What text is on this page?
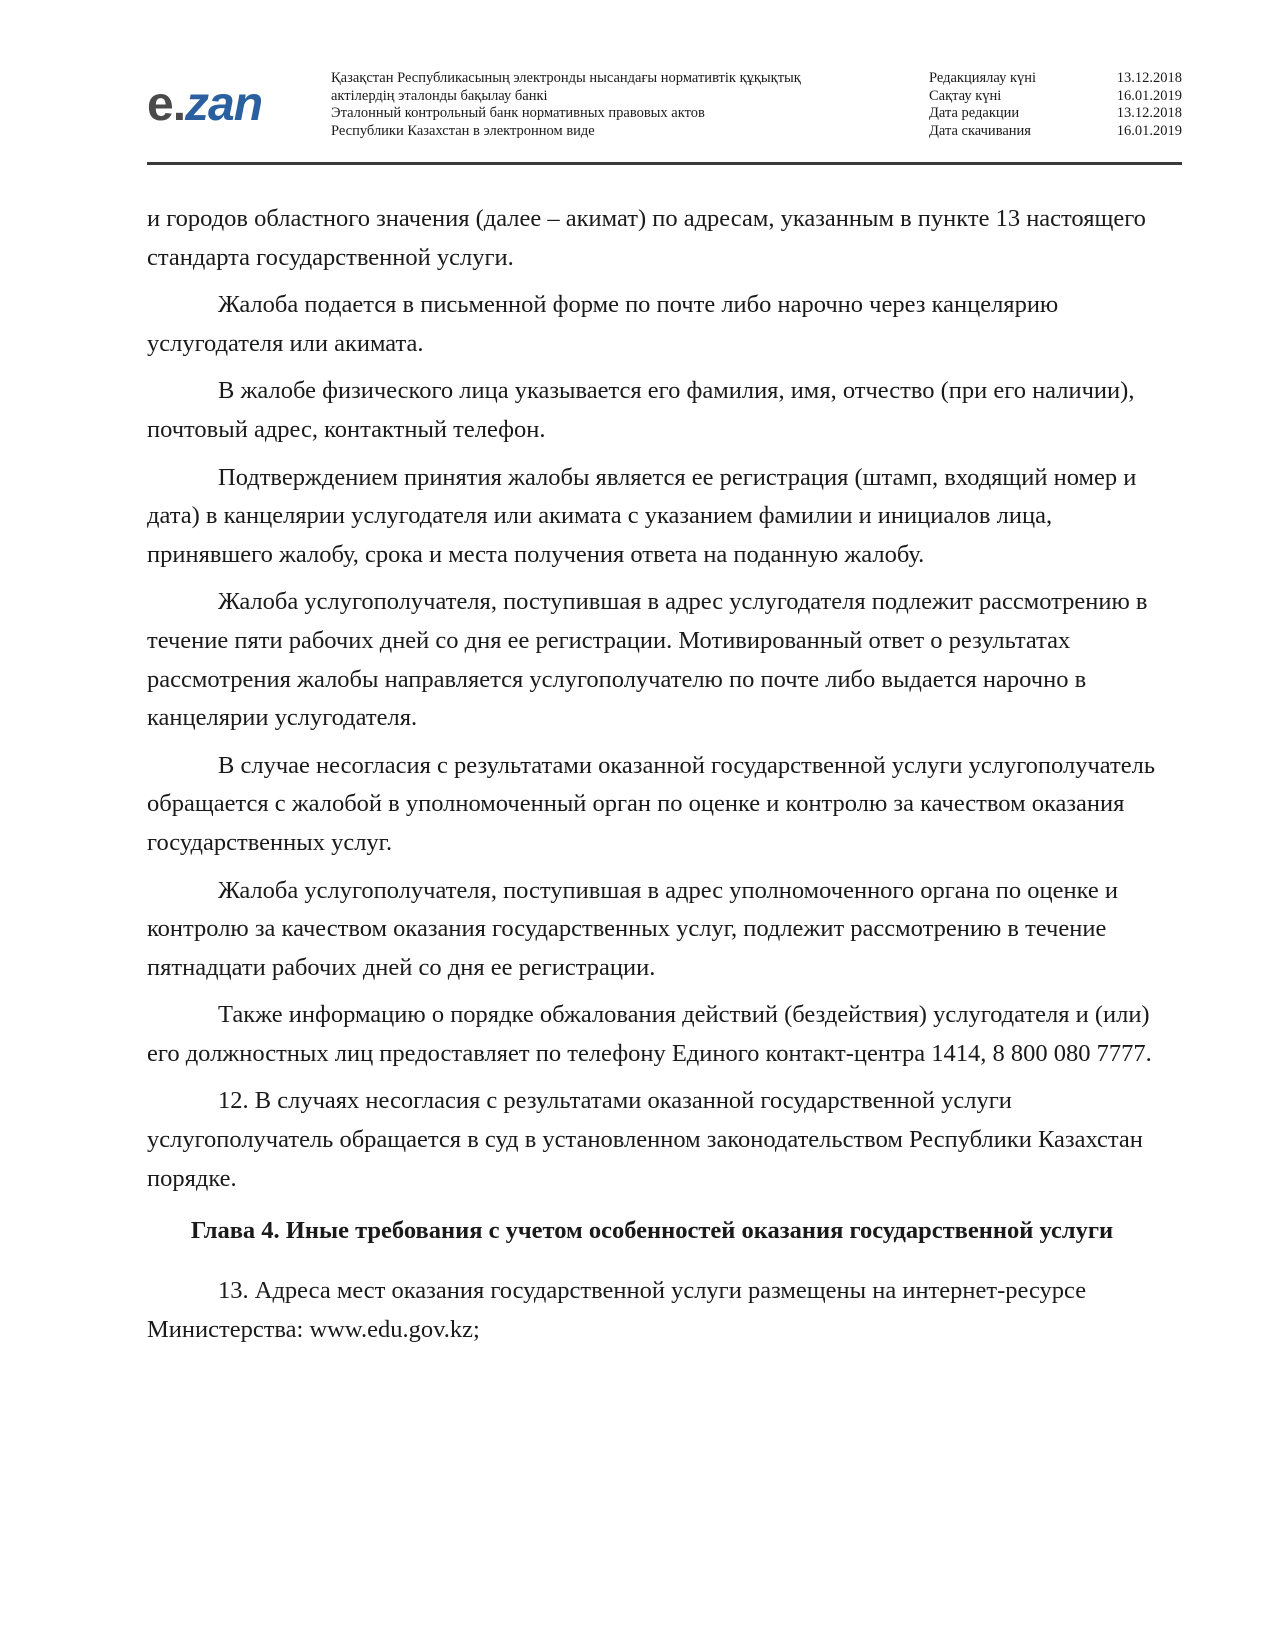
e.zan	Қазақстан Республикасының электронды нысандағы нормативтік құқықтық
актілердің эталонды бақылау банкі
Эталонный контрольный банк нормативных правовых актов
Республики Казахстан в электронном виде
Редакциялау күні	13.12.2018
Сақтау күні	16.01.2019
Дата редакции	13.12.2018
Дата скачивания	16.01.2019

и городов областного значения (далее – акимат) по адресам, указанным в пункте 13 настоящего стандарта государственной услуги.

Жалоба подается в письменной форме по почте либо нарочно через канцелярию услугодателя или акимата.

В жалобе физического лица указывается его фамилия, имя, отчество (при его наличии), почтовый адрес, контактный телефон.

Подтверждением принятия жалобы является ее регистрация (штамп, входящий номер и дата) в канцелярии услугодателя или акимата с указанием фамилии и инициалов лица, принявшего жалобу, срока и места получения ответа на поданную жалобу.

Жалоба услугополучателя, поступившая в адрес услугодателя подлежит рассмотрению в течение пяти рабочих дней со дня ее регистрации. Мотивированный ответ о результатах рассмотрения жалобы направляется услугополучателю по почте либо выдается нарочно в канцелярии услугодателя.

В случае несогласия с результатами оказанной государственной услуги услугополучатель обращается с жалобой в уполномоченный орган по оценке и контролю за качеством оказания государственных услуг.

Жалоба услугополучателя, поступившая в адрес уполномоченного органа по оценке и контролю за качеством оказания государственных услуг, подлежит рассмотрению в течение пятнадцати рабочих дней со дня ее регистрации.

Также информацию о порядке обжалования действий (бездействия) услугодателя и (или) его должностных лиц предоставляет по телефону Единого контакт-центра 1414, 8 800 080 7777.

12. В случаях несогласия с результатами оказанной государственной услуги услугополучатель обращается в суд в установленном законодательством Республики Казахстан порядке.

Глава 4. Иные требования с учетом особенностей оказания государственной услуги

13. Адреса мест оказания государственной услуги размещены на интернет-ресурсе Министерства: www.edu.gov.kz;
